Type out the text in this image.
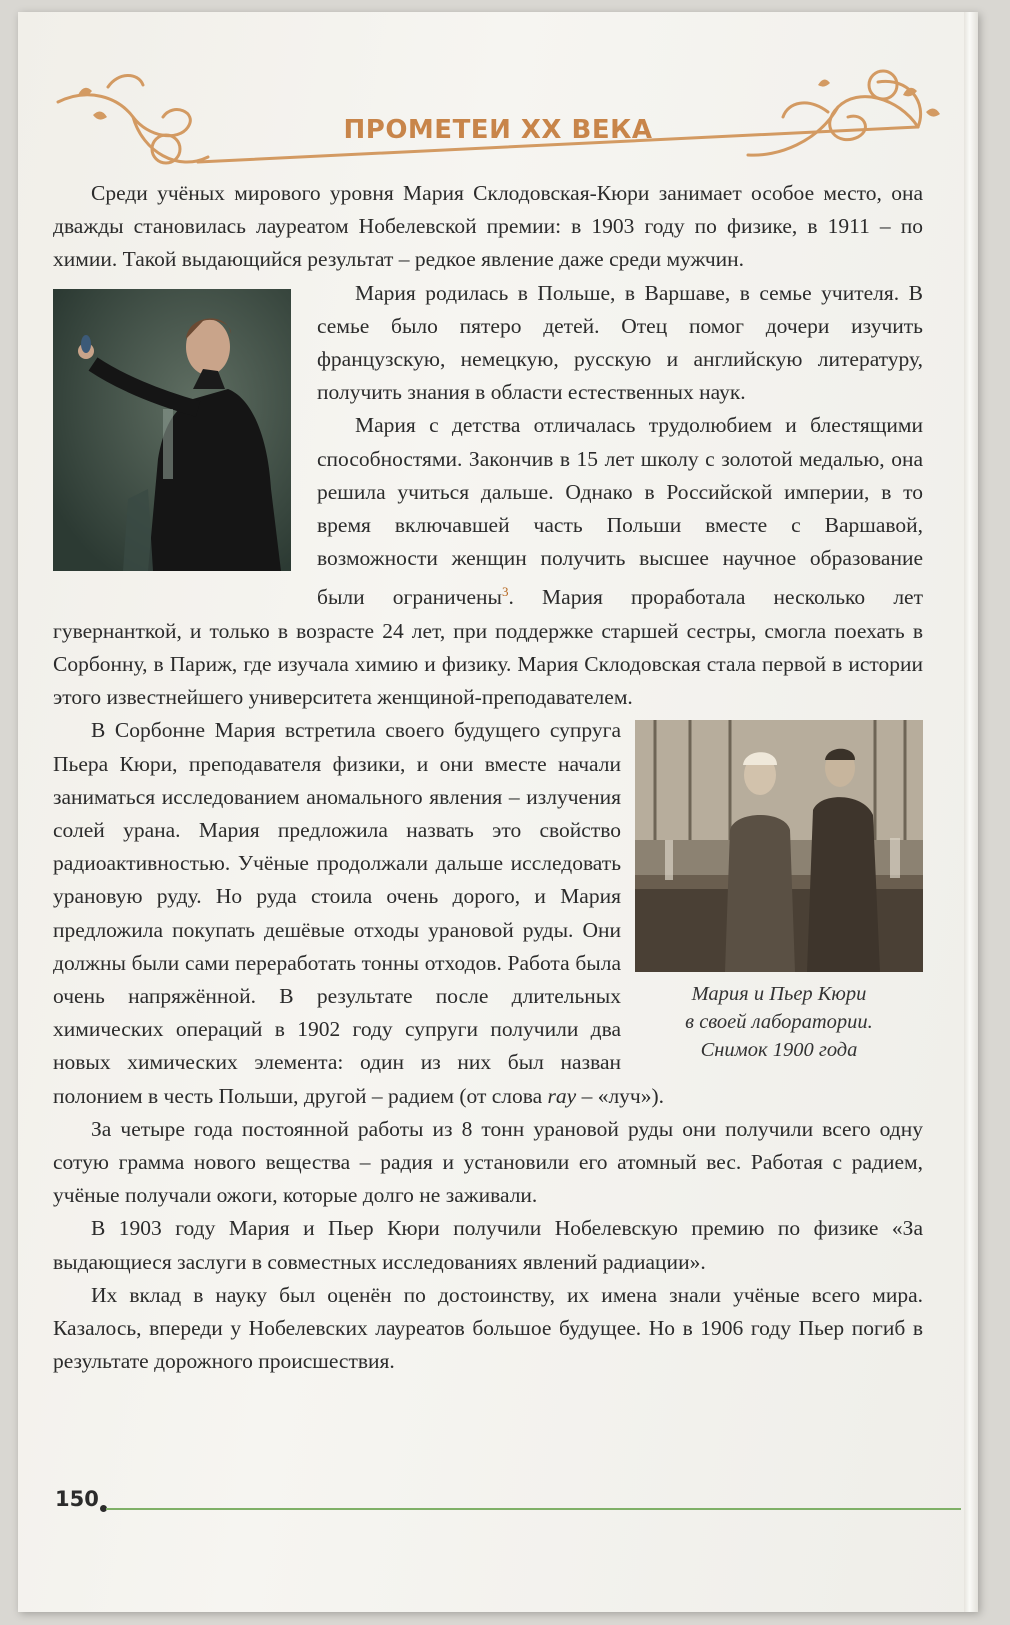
ПРОМЕТЕИ XX ВЕКА

Среди учёных мирового уровня Мария Склодовская-Кюри занимает особое место, она дважды становилась лауреатом Нобелевской премии: в 1903 году по физике, в 1911 – по химии. Такой выдающийся результат – редкое явление даже среди мужчин.

Мария родилась в Польше, в Варшаве, в семье учителя. В семье было пятеро детей. Отец помог дочери изучить французскую, немецкую, русскую и английскую литературу, получить знания в области естественных наук.

Мария с детства отличалась трудолюбием и блестящими способностями. Закончив в 15 лет школу с золотой медалью, она решила учиться дальше. Однако в Российской империи, в то время включавшей часть Польши вместе с Варшавой, возможности женщин получить высшее научное образование были ограничены$^3$. Мария проработала несколько лет гувернанткой, и только в возрасте 24 лет, при поддержке старшей сестры, смогла поехать в Сорбонну, в Париж, где изучала химию и физику. Мария Склодовская стала первой в истории этого известнейшего университета женщиной-преподавателем.

Мария и Пьер Кюри
в своей лаборатории.
Снимок 1900 года

В Сорбонне Мария встретила своего будущего супруга Пьера Кюри, преподавателя физики, и они вместе начали заниматься исследованием аномального явления – излучения солей урана. Мария предложила назвать это свойство радиоактивностью. Учёные продолжали дальше исследовать урановую руду. Но руда стоила очень дорого, и Мария предложила покупать дешёвые отходы урановой руды. Они должны были сами переработать тонны отходов. Работа была очень напряжённой. В результате после длительных химических операций в 1902 году супруги получили два новых химических элемента: один из них был назван полонием в честь Польши, другой – радием (от слова ray – «луч»).

За четыре года постоянной работы из 8 тонн урановой руды они получили всего одну сотую грамма нового вещества – радия и установили его атомный вес. Работая с радием, учёные получали ожоги, которые долго не заживали.

В 1903 году Мария и Пьер Кюри получили Нобелевскую премию по физике «За выдающиеся заслуги в совместных исследованиях явлений радиации».

Их вклад в науку был оценён по достоинству, их имена знали учёные всего мира. Казалось, впереди у Нобелевских лауреатов большое будущее. Но в 1906 году Пьер погиб в результате дорожного происшествия.

150
